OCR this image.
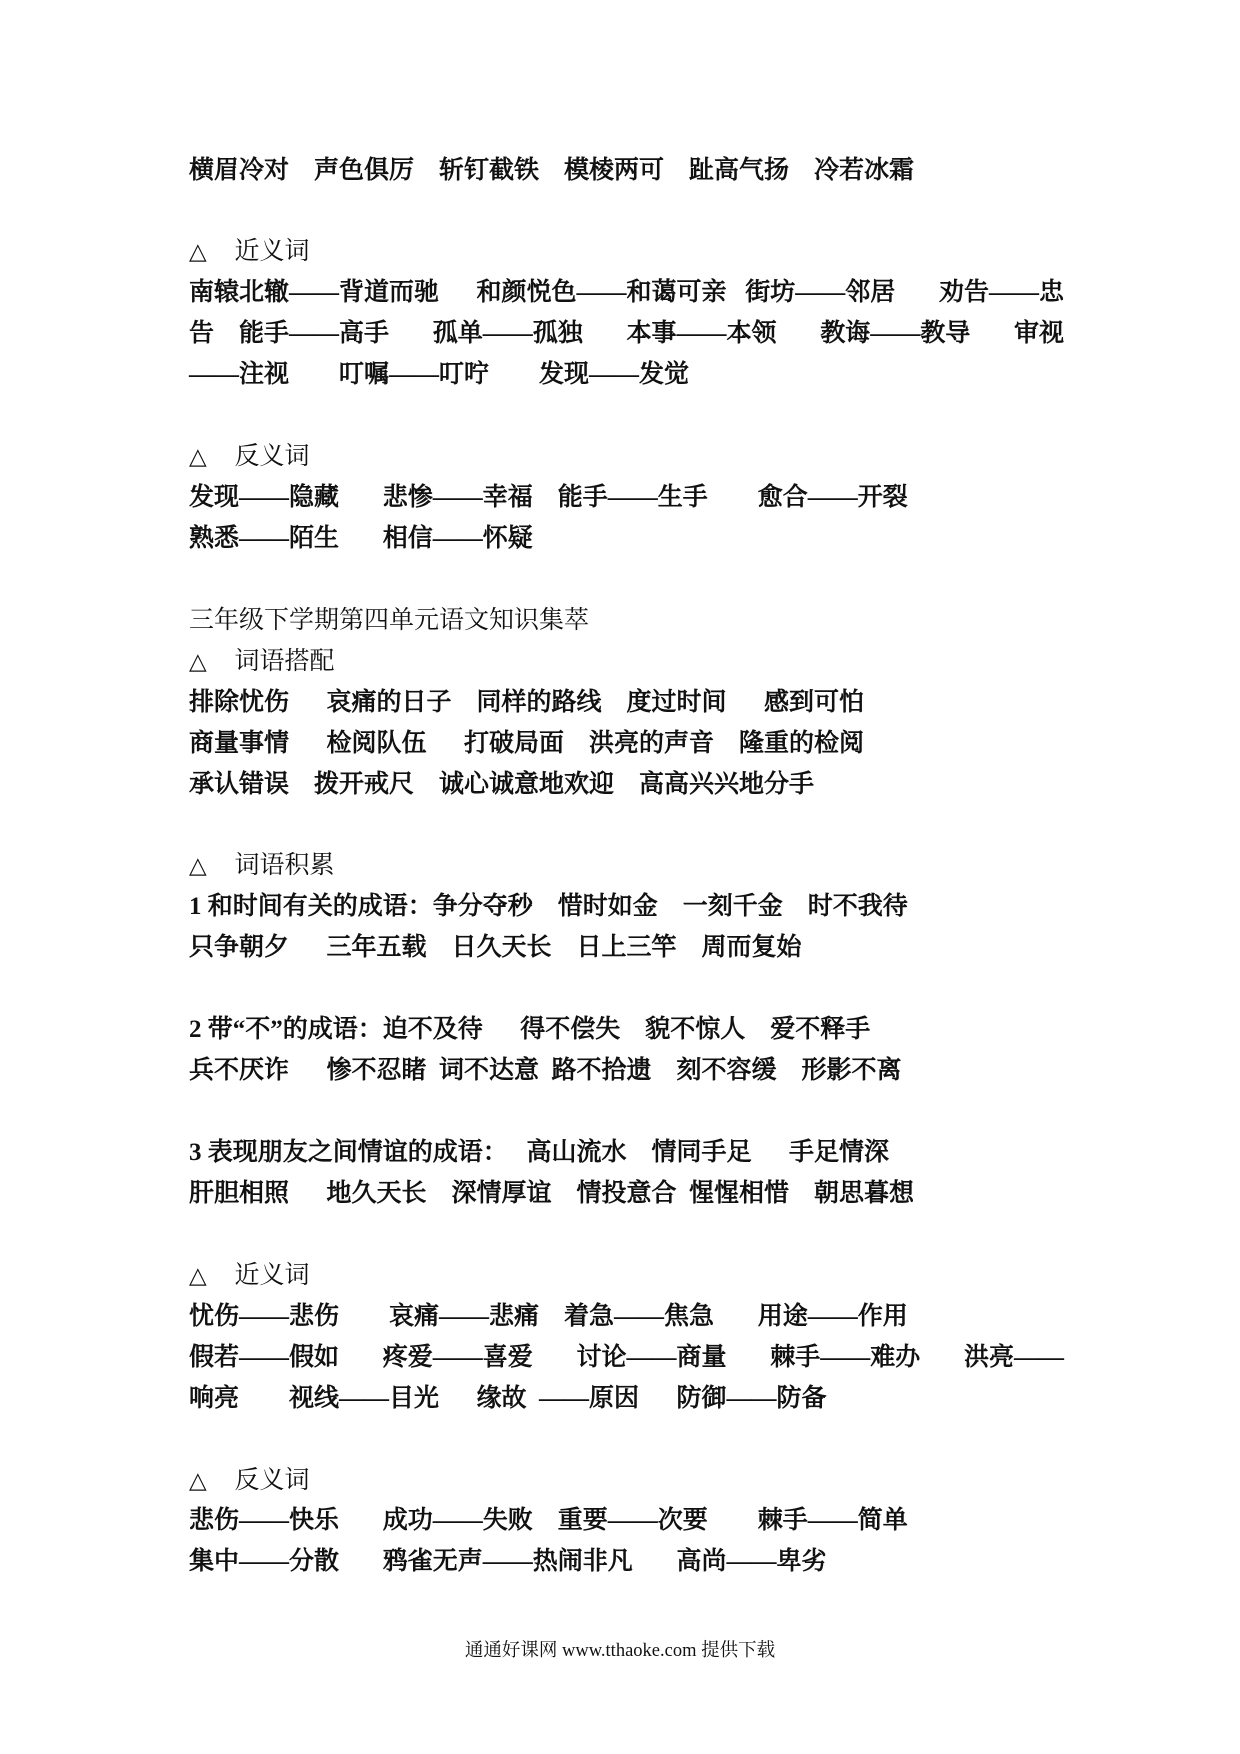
横眉冷对　声色俱厉　斩钉截铁　模棱两可　趾高气扬　冷若冰霜
△ 近义词
南辕北辙——背道而驰　  和颜悦色——和蔼可亲   街坊——邻居　   劝告——忠
告　能手——高手　   孤单——孤独　   本事——本领　   教诲——教导　   审视
——注视　　叮嘱——叮咛　　发现——发觉
△ 反义词
发现——隐藏　   悲惨——幸福　能手——生手　　愈合——开裂
熟悉——陌生　   相信——怀疑
三年级下学期第四单元语文知识集萃
△ 词语搭配
排除忧伤　  哀痛的日子　同样的路线　度过时间　  感到可怕
商量事情　  检阅队伍　  打破局面　洪亮的声音　隆重的检阅
承认错误　拨开戒尺　诚心诚意地欢迎　高高兴兴地分手
△ 词语积累
1 和时间有关的成语：争分夺秒　惜时如金　一刻千金　时不我待
只争朝夕　  三年五载　日久天长　日上三竿　周而复始
2 带“不”的成语：迫不及待　  得不偿失　貌不惊人　爱不释手
兵不厌诈　  惨不忍睹  词不达意  路不拾遗　刻不容缓　形影不离
3 表现朋友之间情谊的成语：   高山流水　情同手足　  手足情深
肝胆相照　  地久天长　深情厚谊　情投意合  惺惺相惜　朝思暮想
△ 近义词
忧伤——悲伤　　哀痛——悲痛　着急——焦急　   用途——作用
假若——假如　   疼爱——喜爱　   讨论——商量　   棘手——难办　   洪亮——
响亮　　视线——目光　  缘故  ——原因　  防御——防备
△ 反义词
悲伤——快乐　   成功——失败　重要——次要　　棘手——简单
集中——分散　   鸦雀无声——热闹非凡　   高尚——卑劣
通通好课网 www.tthaoke.com 提供下载
